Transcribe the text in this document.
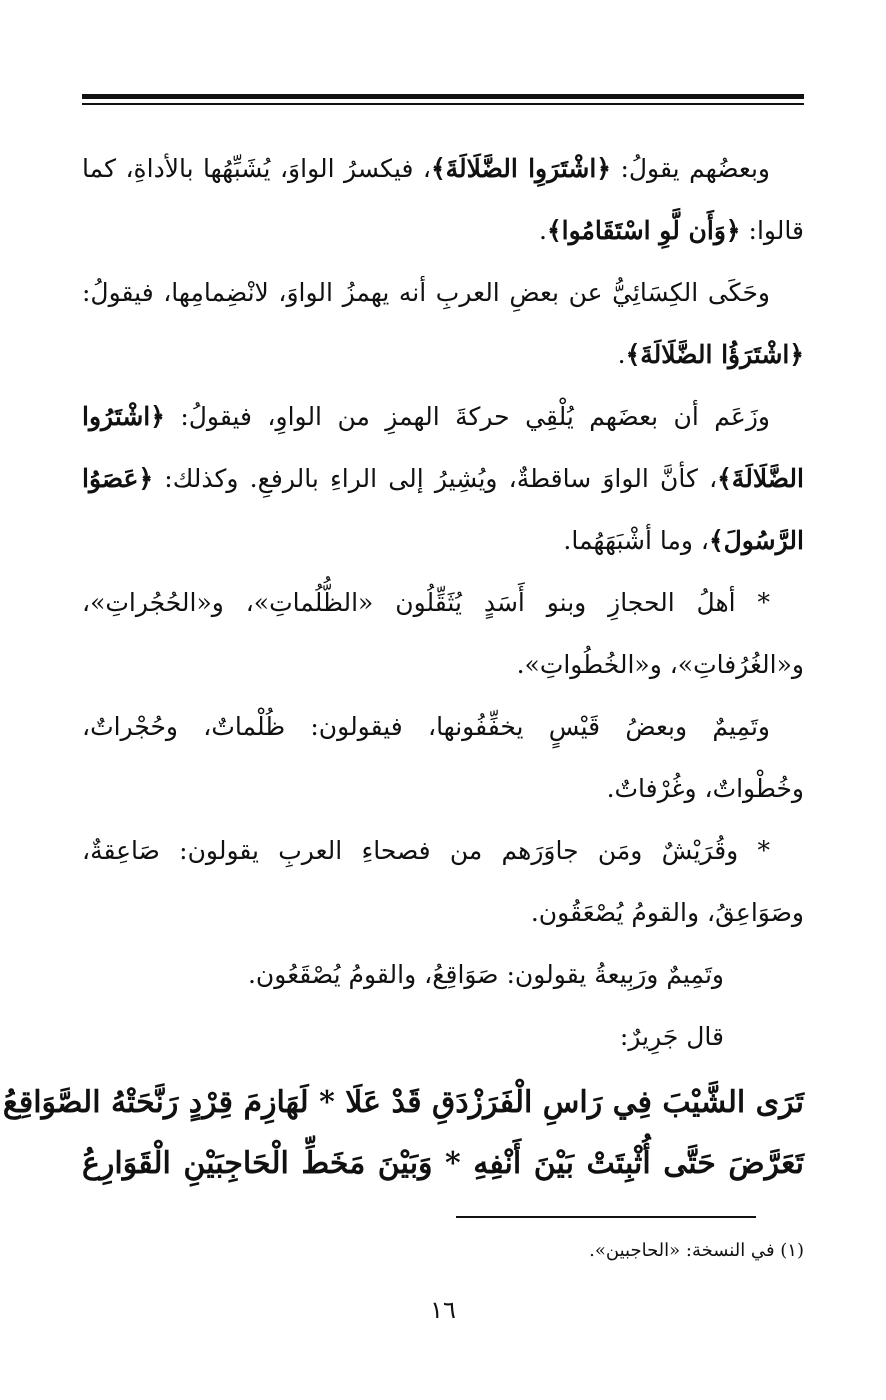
وبعضُهم يقولُ: ﴿اشْتَرَوِا الضَّلَالَةَ﴾، فيكسرُ الواوَ، يُشَبِّهُها بالأداةِ، كما قالوا: ﴿وَأَن لَّوِ اسْتَقَامُوا﴾.

وحَكَى الكِسَائِيُّ عن بعضِ العربِ أنه يهمزُ الواوَ، لانْضِمامِها، فيقولُ: ﴿اشْتَرَؤُا الضَّلَالَةَ﴾.

وزَعَم أن بعضَهم يُلْقِي حركةَ الهمزِ من الواوِ، فيقولُ: ﴿اشْتَرُوا الضَّلَالَةَ﴾، كأنَّ الواوَ ساقطةٌ، ويُشِيرُ إلى الراءِ بالرفعِ. وكذلك: ﴿عَصَوُا الرَّسُولَ﴾، وما أشْبَهَهُما.

* أهلُ الحجازِ وبنو أَسَدٍ يُثَقِّلُون «الظُّلُماتِ»، و«الحُجُراتِ»، و«الغُرُفاتِ»، و«الخُطُواتِ».

وتَمِيمٌ وبعضُ قَيْسٍ يخفِّفُونها، فيقولون: ظُلْماتٌ، وحُجْراتٌ، وخُطْواتٌ، وغُرْفاتٌ.

* وقُرَيْشٌ ومَن جاوَرَهم من فصحاءِ العربِ يقولون: صَاعِقةٌ، وصَوَاعِقُ، والقومُ يُصْعَقُون.

وتَمِيمٌ ورَبِيعةُ يقولون: صَوَاقِعُ، والقومُ يُصْقَعُون.

قال جَرِيرٌ:

تَرَى الشَّيْبَ فِي رَاسِ الْفَرَزْدَقِ قَدْ عَلَا * لَهَازِمَ قِرْدٍ رَنَّحَتْهُ الصَّوَاقِعُ
تَعَرَّضَ حَتَّى أُثْبِتَتْ بَيْنَ أَنْفِهِ * وَبَيْنَ مَخَطِّ الْحَاجِبَيْنِ الْقَوَارِعُ
(١) في النسخة: «الحاجبين».
١٦
